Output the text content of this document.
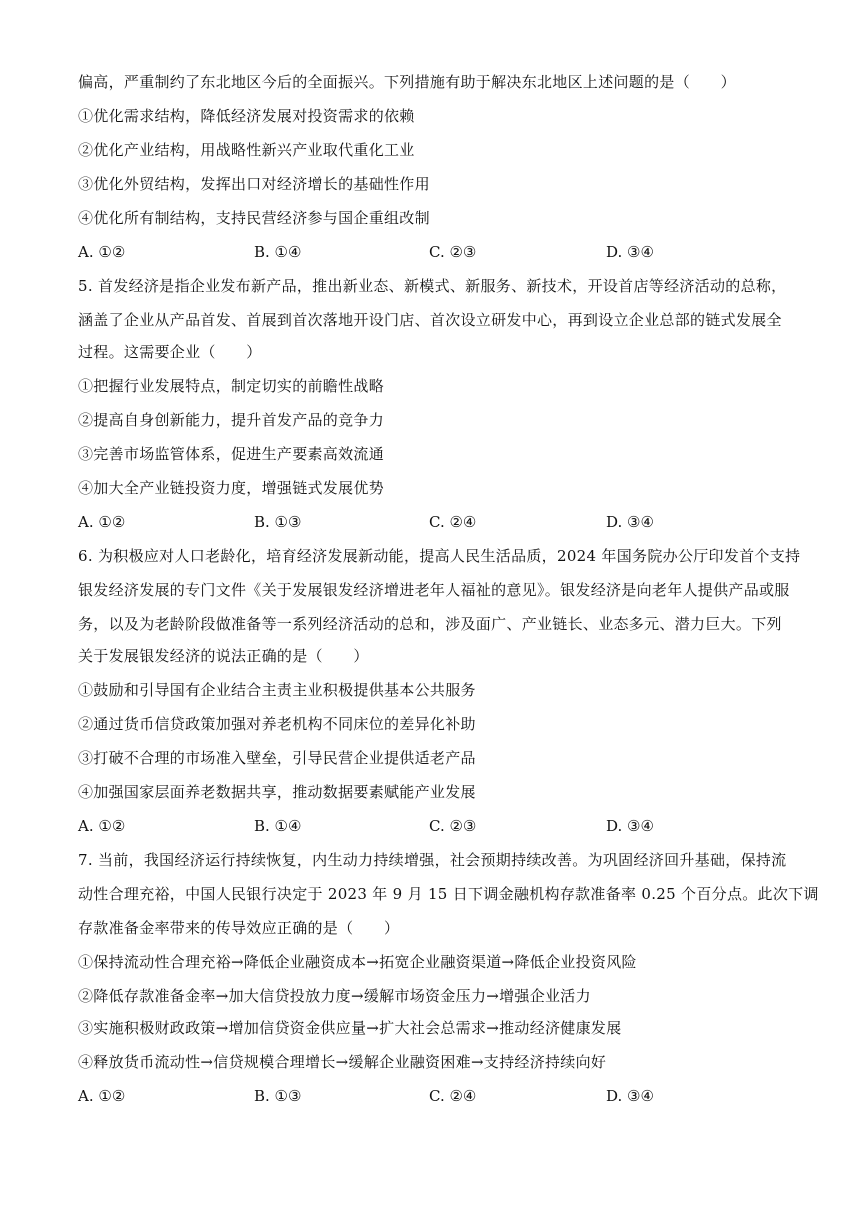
偏高，严重制约了东北地区今后的全面振兴。下列措施有助于解决东北地区上述问题的是（　　）
①优化需求结构，降低经济发展对投资需求的依赖
②优化产业结构，用战略性新兴产业取代重化工业
③优化外贸结构，发挥出口对经济增长的基础性作用
④优化所有制结构，支持民营经济参与国企重组改制
A. ①②	B. ①④	C. ②③	D. ③④
5. 首发经济是指企业发布新产品，推出新业态、新模式、新服务、新技术，开设首店等经济活动的总称，
涵盖了企业从产品首发、首展到首次落地开设门店、首次设立研发中心，再到设立企业总部的链式发展全
过程。这需要企业（　　）
①把握行业发展特点，制定切实的前瞻性战略
②提高自身创新能力，提升首发产品的竞争力
③完善市场监管体系，促进生产要素高效流通
④加大全产业链投资力度，增强链式发展优势
A. ①②	B. ①③	C. ②④	D. ③④
6. 为积极应对人口老龄化，培育经济发展新动能，提高人民生活品质，2024 年国务院办公厅印发首个支持
银发经济发展的专门文件《关于发展银发经济增进老年人福祉的意见》。银发经济是向老年人提供产品或服
务，以及为老龄阶段做准备等一系列经济活动的总和，涉及面广、产业链长、业态多元、潜力巨大。下列
关于发展银发经济的说法正确的是（　　）
①鼓励和引导国有企业结合主责主业积极提供基本公共服务
②通过货币信贷政策加强对养老机构不同床位的差异化补助
③打破不合理的市场准入壁垒，引导民营企业提供适老产品
④加强国家层面养老数据共享，推动数据要素赋能产业发展
A. ①②	B. ①④	C. ②③	D. ③④
7. 当前，我国经济运行持续恢复，内生动力持续增强，社会预期持续改善。为巩固经济回升基础，保持流
动性合理充裕，中国人民银行决定于 2023 年 9 月 15 日下调金融机构存款准备率 0.25 个百分点。此次下调
存款准备金率带来的传导效应正确的是（　　）
①保持流动性合理充裕→降低企业融资成本→拓宽企业融资渠道→降低企业投资风险
②降低存款准备金率→加大信贷投放力度→缓解市场资金压力→增强企业活力
③实施积极财政政策→增加信贷资金供应量→扩大社会总需求→推动经济健康发展
④释放货币流动性→信贷规模合理增长→缓解企业融资困难→支持经济持续向好
A. ①②	B. ①③	C. ②④	D. ③④
